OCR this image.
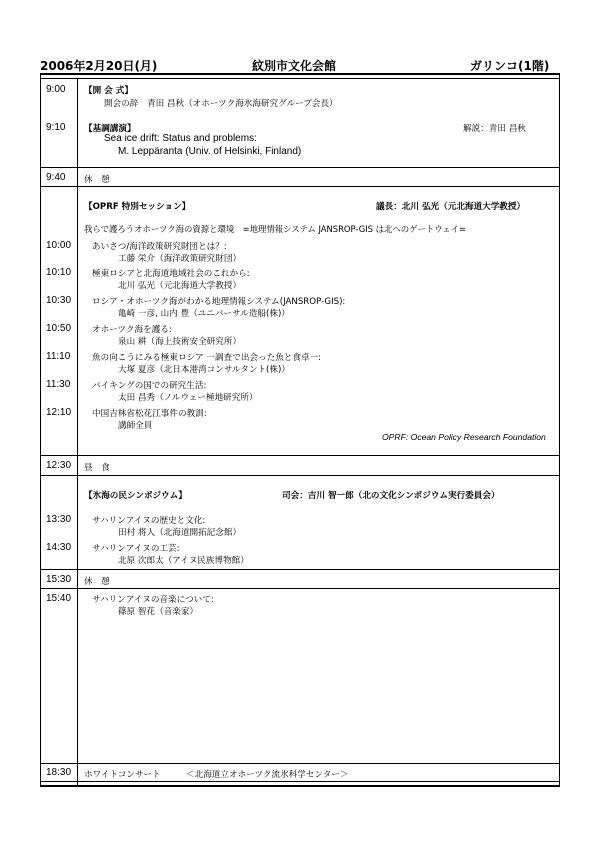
2006年2月20日(月)	紋別市文化会館	ガリンコ(1階)
9:00 【開 会 式】
開会の辞　青田 昌秋（オホーツク海氷海研究グループ会長）
9:10 【基調講演】	解説：青田 昌秋
Sea ice drift: Status and problems:
M. Leppäranta (Univ. of Helsinki, Finland)
9:40 休　憩
【OPRF 特別セッション】	議長：北川 弘光（元北海道大学教授）
我らで護ろうオホーツク海の資源と環境　=地理情報システム JANSROP-GIS は北へのゲートウェイ=
10:00 あいさつ/海洋政策研究財団とは？:
工藤 栄介（海洋政策研究財団）
10:10 極東ロシアと北海道地域社会のこれから:
北川 弘光（元北海道大学教授）
10:30 ロシア・オホーツク海がわかる地理情報システム(JANSROP-GIS):
亀崎 一彦, 山内 豊（ユニバーサル造船(株)）
10:50 オホーツク海を護る:
泉山 耕（海上技術安全研究所）
11:10	魚の向こうにみる極東ロシア 一調査で出会った魚と食卓一:
大塚 夏彦（北日本港湾コンサルタント(株)）
11:30	バイキングの国での研究生活:
太田 昌秀（ノルウェー極地研究所）
12:10 中国吉林省松花江事件の教訓:
講師全員
OPRF: Ocean Policy Research Foundation
12:30 昼　食
【氷海の民シンポジウム】	司会：吉川 智一郎（北の文化シンポジウム実行委員会）
13:30 サハリンアイヌの歴史と文化:
田村 将人（北海道開拓記念館）
14:30 サハリンアイヌの工芸:
北原 次郎太（アイヌ民族博物館）
15:30 休　憩
15:40 サハリンアイヌの音楽について:
篠原 智花（音楽家）
18:30 ホワイトコンサート	＜北海道立オホーツク流氷科学センター＞
